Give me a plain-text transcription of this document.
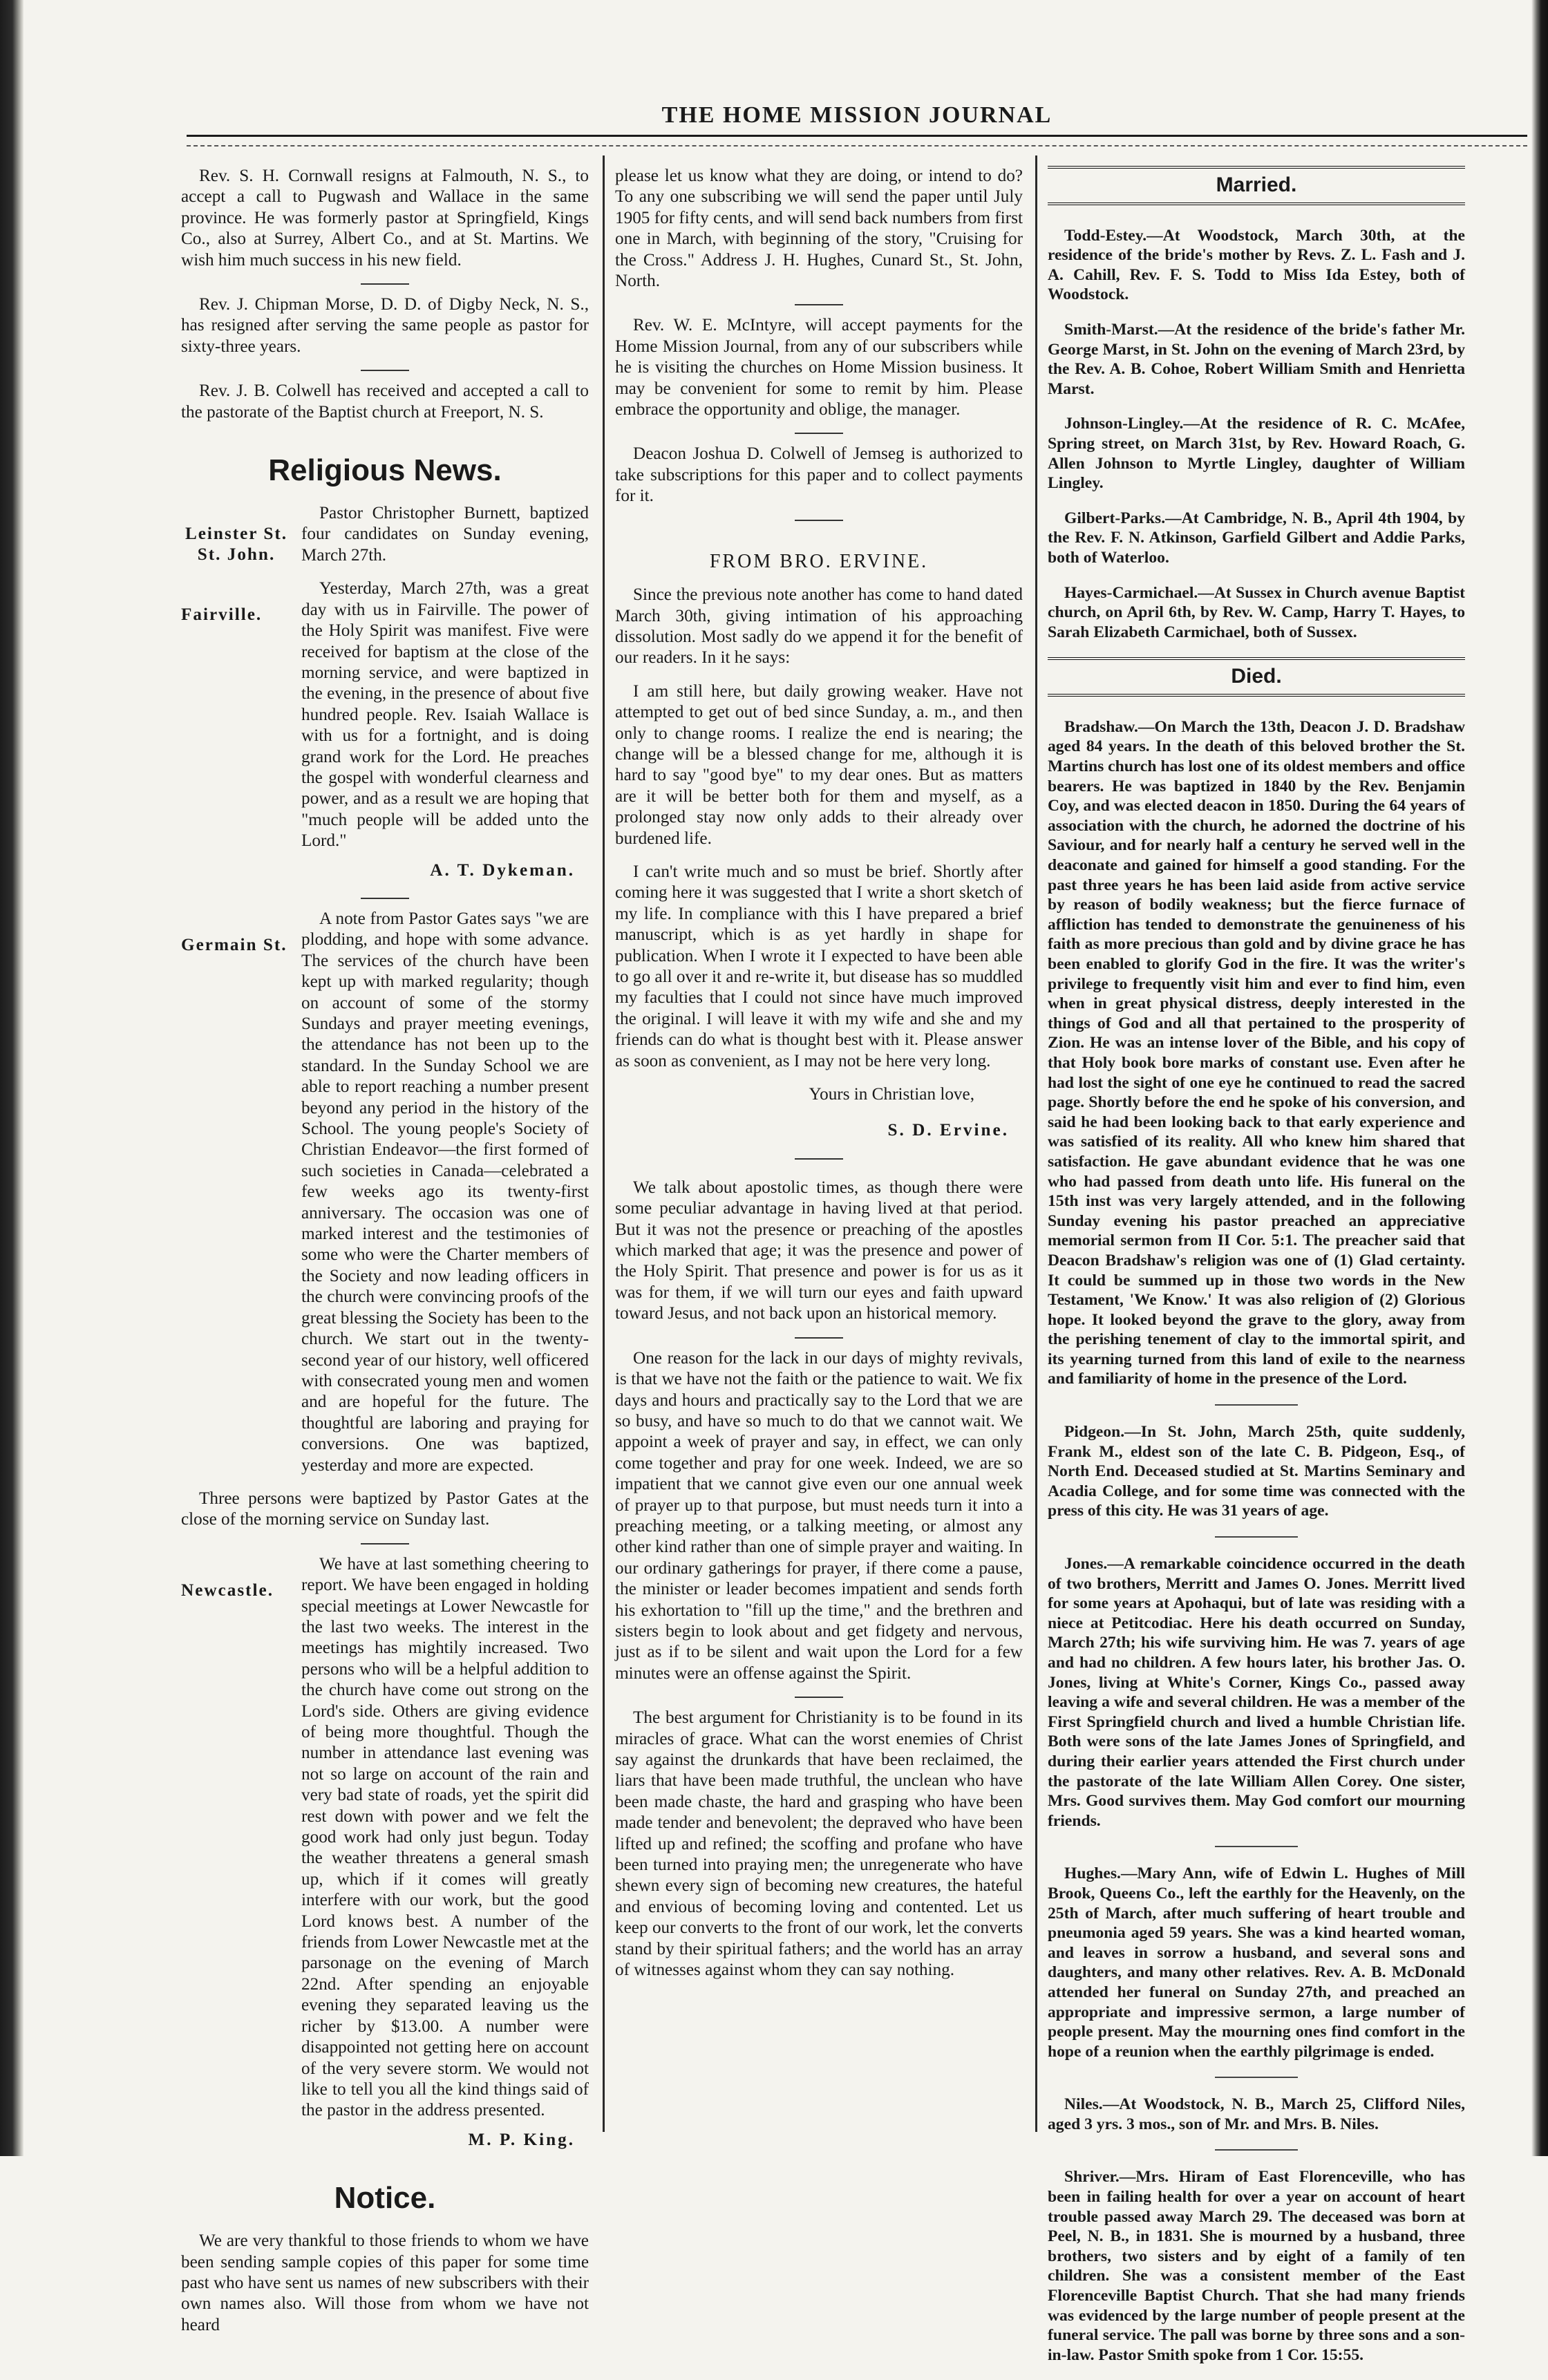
THE HOME MISSION JOURNAL

Rev. S. H. Cornwall resigns at Falmouth, N. S., to accept a call to Pugwash and Wallace in the same province. He was formerly pastor at Springfield, Kings Co., also at Surrey, Albert Co., and at St. Martins. We wish him much success in his new field.

Rev. J. Chipman Morse, D. D. of Digby Neck, N. S., has resigned after serving the same people as pastor for sixty-three years.

Rev. J. B. Colwell has received and accepted a call to the pastorate of the Baptist church at Freeport, N. S.

Religious News.
Leinster St. St. John.

Pastor Christopher Burnett, baptized four candidates on Sunday evening, March 27th.

Fairville.

Yesterday, March 27th, was a great day with us in Fairville. The power of the Holy Spirit was manifest. Five were received for baptism at the close of the morning service, and were baptized in the evening, in the presence of about five hundred people. Rev. Isaiah Wallace is with us for a fortnight, and is doing grand work for the Lord. He preaches the gospel with wonderful clearness and power, and as a result we are hoping that "much people will be added unto the Lord."

A. T. Dykeman.
Germain St.

A note from Pastor Gates says "we are plodding, and hope with some advance. The services of the church have been kept up with marked regularity; though on account of some of the stormy Sundays and prayer meeting evenings, the attendance has not been up to the standard. In the Sunday School we are able to report reaching a number present beyond any period in the history of the School. The young people's Society of Christian Endeavor—the first formed of such societies in Canada—celebrated a few weeks ago its twenty-first anniversary. The occasion was one of marked interest and the testimonies of some who were the Charter members of the Society and now leading officers in the church were convincing proofs of the great blessing the Society has been to the church. We start out in the twenty-second year of our history, well officered with consecrated young men and women and are hopeful for the future. The thoughtful are laboring and praying for conversions. One was baptized, yesterday and more are expected.

Three persons were baptized by Pastor Gates at the close of the morning service on Sunday last.

Newcastle.

We have at last something cheering to report. We have been engaged in holding special meetings at Lower Newcastle for the last two weeks. The interest in the meetings has mightily increased. Two persons who will be a helpful addition to the church have come out strong on the Lord's side. Others are giving evidence of being more thoughtful. Though the number in attendance last evening was not so large on account of the rain and very bad state of roads, yet the spirit did rest down with power and we felt the good work had only just begun. Today the weather threatens a general smash up, which if it comes will greatly interfere with our work, but the good Lord knows best. A number of the friends from Lower Newcastle met at the parsonage on the evening of March 22nd. After spending an enjoyable evening they separated leaving us the richer by $13.00. A number were disappointed not getting here on account of the very severe storm. We would not like to tell you all the kind things said of the pastor in the address presented.

M. P. King.
Notice.

We are very thankful to those friends to whom we have been sending sample copies of this paper for some time past who have sent us names of new subscribers with their own names also. Will those from whom we have not heard

please let us know what they are doing, or intend to do? To any one subscribing we will send the paper until July 1905 for fifty cents, and will send back numbers from first one in March, with beginning of the story, "Cruising for the Cross." Address J. H. Hughes, Cunard St., St. John, North.

Rev. W. E. McIntyre, will accept payments for the Home Mission Journal, from any of our subscribers while he is visiting the churches on Home Mission business. It may be convenient for some to remit by him. Please embrace the opportunity and oblige, the manager.

Deacon Joshua D. Colwell of Jemseg is authorized to take subscriptions for this paper and to collect payments for it.

FROM BRO. ERVINE.

Since the previous note another has come to hand dated March 30th, giving intimation of his approaching dissolution. Most sadly do we append it for the benefit of our readers. In it he says:

I am still here, but daily growing weaker. Have not attempted to get out of bed since Sunday, a. m., and then only to change rooms. I realize the end is nearing; the change will be a blessed change for me, although it is hard to say "good bye" to my dear ones. But as matters are it will be better both for them and myself, as a prolonged stay now only adds to their already over burdened life.

I can't write much and so must be brief. Shortly after coming here it was suggested that I write a short sketch of my life. In compliance with this I have prepared a brief manuscript, which is as yet hardly in shape for publication. When I wrote it I expected to have been able to go all over it and re-write it, but disease has so muddled my faculties that I could not since have much improved the original. I will leave it with my wife and she and my friends can do what is thought best with it. Please answer as soon as convenient, as I may not be here very long.

Yours in Christian love,
S. D. Ervine.

We talk about apostolic times, as though there were some peculiar advantage in having lived at that period. But it was not the presence or preaching of the apostles which marked that age; it was the presence and power of the Holy Spirit. That presence and power is for us as it was for them, if we will turn our eyes and faith upward toward Jesus, and not back upon an historical memory.

One reason for the lack in our days of mighty revivals, is that we have not the faith or the patience to wait. We fix days and hours and practically say to the Lord that we are so busy, and have so much to do that we cannot wait. We appoint a week of prayer and say, in effect, we can only come together and pray for one week. Indeed, we are so impatient that we cannot give even our one annual week of prayer up to that purpose, but must needs turn it into a preaching meeting, or a talking meeting, or almost any other kind rather than one of simple prayer and waiting. In our ordinary gatherings for prayer, if there come a pause, the minister or leader becomes impatient and sends forth his exhortation to "fill up the time," and the brethren and sisters begin to look about and get fidgety and nervous, just as if to be silent and wait upon the Lord for a few minutes were an offense against the Spirit.

The best argument for Christianity is to be found in its miracles of grace. What can the worst enemies of Christ say against the drunkards that have been reclaimed, the liars that have been made truthful, the unclean who have been made chaste, the hard and grasping who have been made tender and benevolent; the depraved who have been lifted up and refined; the scoffing and profane who have been turned into praying men; the unregenerate who have shewn every sign of becoming new creatures, the hateful and envious of becoming loving and contented. Let us keep our converts to the front of our work, let the converts stand by their spiritual fathers; and the world has an array of witnesses against whom they can say nothing.

Married.

Todd-Estey.—At Woodstock, March 30th, at the residence of the bride's mother by Revs. Z. L. Fash and J. A. Cahill, Rev. F. S. Todd to Miss Ida Estey, both of Woodstock.

Smith-Marst.—At the residence of the bride's father Mr. George Marst, in St. John on the evening of March 23rd, by the Rev. A. B. Cohoe, Robert William Smith and Henrietta Marst.

Johnson-Lingley.—At the residence of R. C. McAfee, Spring street, on March 31st, by Rev. Howard Roach, G. Allen Johnson to Myrtle Lingley, daughter of William Lingley.

Gilbert-Parks.—At Cambridge, N. B., April 4th 1904, by the Rev. F. N. Atkinson, Garfield Gilbert and Addie Parks, both of Waterloo.

Hayes-Carmichael.—At Sussex in Church avenue Baptist church, on April 6th, by Rev. W. Camp, Harry T. Hayes, to Sarah Elizabeth Carmichael, both of Sussex.

Died.

Bradshaw.—On March the 13th, Deacon J. D. Bradshaw aged 84 years. In the death of this beloved brother the St. Martins church has lost one of its oldest members and office bearers. He was baptized in 1840 by the Rev. Benjamin Coy, and was elected deacon in 1850. During the 64 years of association with the church, he adorned the doctrine of his Saviour, and for nearly half a century he served well in the deaconate and gained for himself a good standing. For the past three years he has been laid aside from active service by reason of bodily weakness; but the fierce furnace of affliction has tended to demonstrate the genuineness of his faith as more precious than gold and by divine grace he has been enabled to glorify God in the fire. It was the writer's privilege to frequently visit him and ever to find him, even when in great physical distress, deeply interested in the things of God and all that pertained to the prosperity of Zion. He was an intense lover of the Bible, and his copy of that Holy book bore marks of constant use. Even after he had lost the sight of one eye he continued to read the sacred page. Shortly before the end he spoke of his conversion, and said he had been looking back to that early experience and was satisfied of its reality. All who knew him shared that satisfaction. He gave abundant evidence that he was one who had passed from death unto life. His funeral on the 15th inst was very largely attended, and in the following Sunday evening his pastor preached an appreciative memorial sermon from II Cor. 5:1. The preacher said that Deacon Bradshaw's religion was one of (1) Glad certainty. It could be summed up in those two words in the New Testament, 'We Know.' It was also religion of (2) Glorious hope. It looked beyond the grave to the glory, away from the perishing tenement of clay to the immortal spirit, and its yearning turned from this land of exile to the nearness and familiarity of home in the presence of the Lord.

Pidgeon.—In St. John, March 25th, quite suddenly, Frank M., eldest son of the late C. B. Pidgeon, Esq., of North End. Deceased studied at St. Martins Seminary and Acadia College, and for some time was connected with the press of this city. He was 31 years of age.

Jones.—A remarkable coincidence occurred in the death of two brothers, Merritt and James O. Jones. Merritt lived for some years at Apohaqui, but of late was residing with a niece at Petitcodiac. Here his death occurred on Sunday, March 27th; his wife surviving him. He was 7. years of age and had no children. A few hours later, his brother Jas. O. Jones, living at White's Corner, Kings Co., passed away leaving a wife and several children. He was a member of the First Springfield church and lived a humble Christian life. Both were sons of the late James Jones of Springfield, and during their earlier years attended the First church under the pastorate of the late William Allen Corey. One sister, Mrs. Good survives them. May God comfort our mourning friends.

Hughes.—Mary Ann, wife of Edwin L. Hughes of Mill Brook, Queens Co., left the earthly for the Heavenly, on the 25th of March, after much suffering of heart trouble and pneumonia aged 59 years. She was a kind hearted woman, and leaves in sorrow a husband, and several sons and daughters, and many other relatives. Rev. A. B. McDonald attended her funeral on Sunday 27th, and preached an appropriate and impressive sermon, a large number of people present. May the mourning ones find comfort in the hope of a reunion when the earthly pilgrimage is ended.

Niles.—At Woodstock, N. B., March 25, Clifford Niles, aged 3 yrs. 3 mos., son of Mr. and Mrs. B. Niles.

Shriver.—Mrs. Hiram of East Florenceville, who has been in failing health for over a year on account of heart trouble passed away March 29. The deceased was born at Peel, N. B., in 1831. She is mourned by a husband, three brothers, two sisters and by eight of a family of ten children. She was a consistent member of the East Florenceville Baptist Church. That she had many friends was evidenced by the large number of people present at the funeral service. The pall was borne by three sons and a son-in-law. Pastor Smith spoke from 1 Cor. 15:55.
